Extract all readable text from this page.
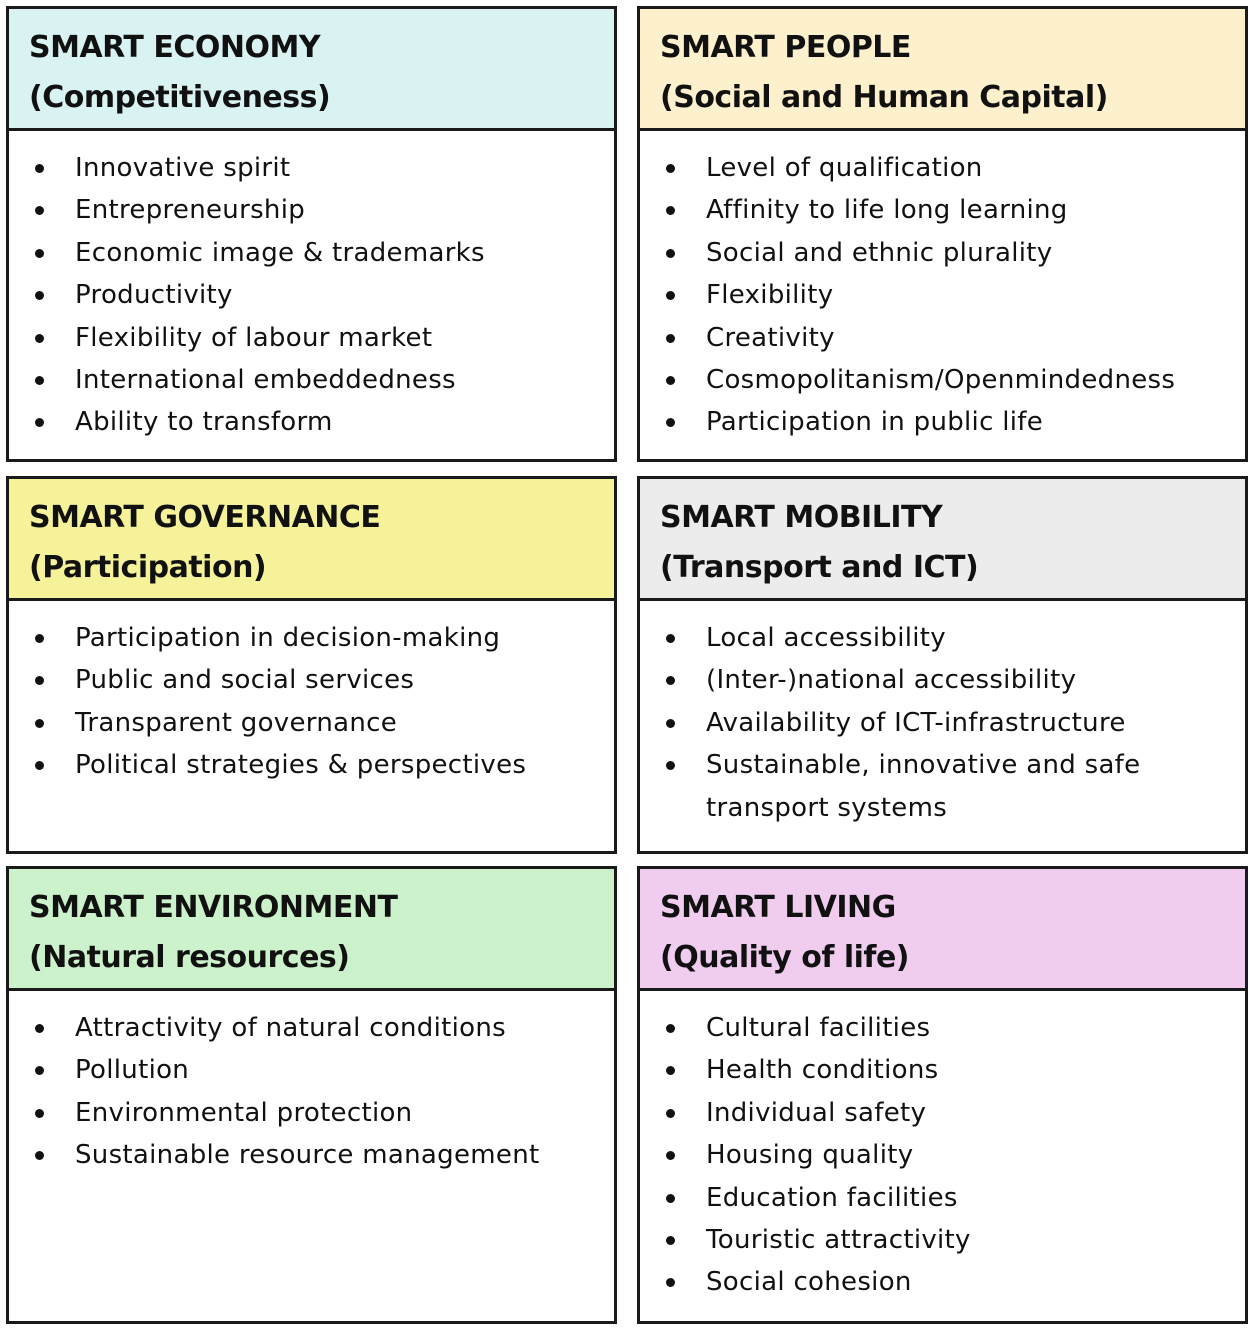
SMART ECONOMY
(Competitiveness)
Innovative spirit
Entrepreneurship
Economic image & trademarks
Productivity
Flexibility of labour market
International embeddedness
Ability to transform
SMART PEOPLE
(Social and Human Capital)
Level of qualification
Affinity to life long learning
Social and ethnic plurality
Flexibility
Creativity
Cosmopolitanism/Openmindedness
Participation in public life
SMART GOVERNANCE
(Participation)
Participation in decision-making
Public and social services
Transparent governance
Political strategies & perspectives
SMART MOBILITY
(Transport and ICT)
Local accessibility
(Inter-)national accessibility
Availability of ICT-infrastructure
Sustainable, innovative and safe transport systems
SMART ENVIRONMENT
(Natural resources)
Attractivity of natural conditions
Pollution
Environmental protection
Sustainable resource management
SMART LIVING
(Quality of life)
Cultural facilities
Health conditions
Individual safety
Housing quality
Education facilities
Touristic attractivity
Social cohesion
